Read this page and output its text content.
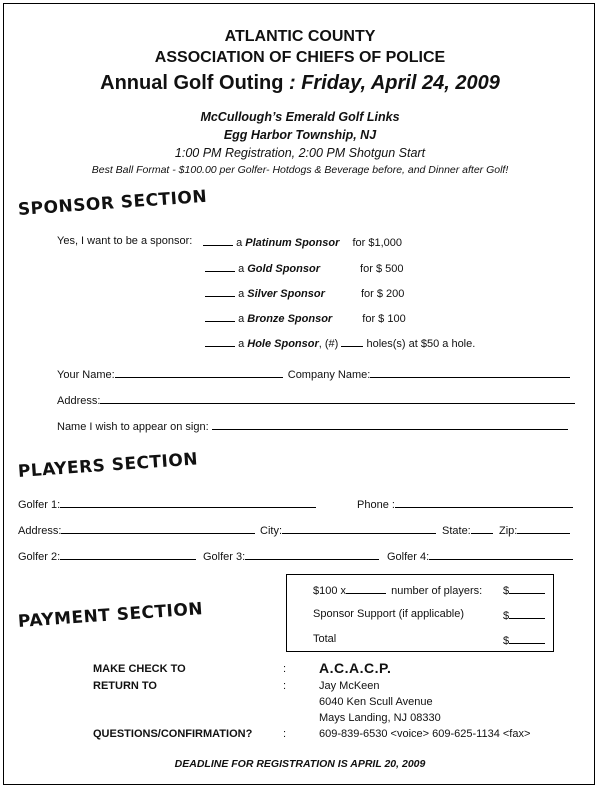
ATLANTIC COUNTY
ASSOCIATION OF CHIEFS OF POLICE
Annual Golf Outing : Friday, April 24, 2009
McCullough’s Emerald Golf Links
Egg Harbor Township, NJ
1:00 PM Registration, 2:00 PM Shotgun Start
Best Ball Format - $100.00 per Golfer- Hotdogs & Beverage before, and Dinner after Golf!
SPONSOR SECTION
Yes, I want to be a sponsor:	a Platinum Sponsor for $1,000
a Gold Sponsor	for $ 500
a Silver Sponsor	for $ 200
a Bronze Sponsor	for $ 100
a Hole Sponsor, (#)	holes(s) at $50 a hole.
Your Name:	Company Name:
Address:
Name I wish to appear on sign:
PLAYERS SECTION
Golfer 1:	Phone :
Address:	City:	State:	Zip:
Golfer 2:	Golfer 3:	Golfer 4:
$100 x	number of players: $
Sponsor Support (if applicable)	$
Total	$
PAYMENT SECTION
MAKE CHECK TO	: A.C.A.C.P.
RETURN TO	:	Jay McKeen
6040 Ken Scull Avenue
Mays Landing, NJ 08330
QUESTIONS/CONFIRMATION?	:	609-839-6530 <voice> 609-625-1134 <fax>
DEADLINE FOR REGISTRATION IS APRIL 20, 2009
